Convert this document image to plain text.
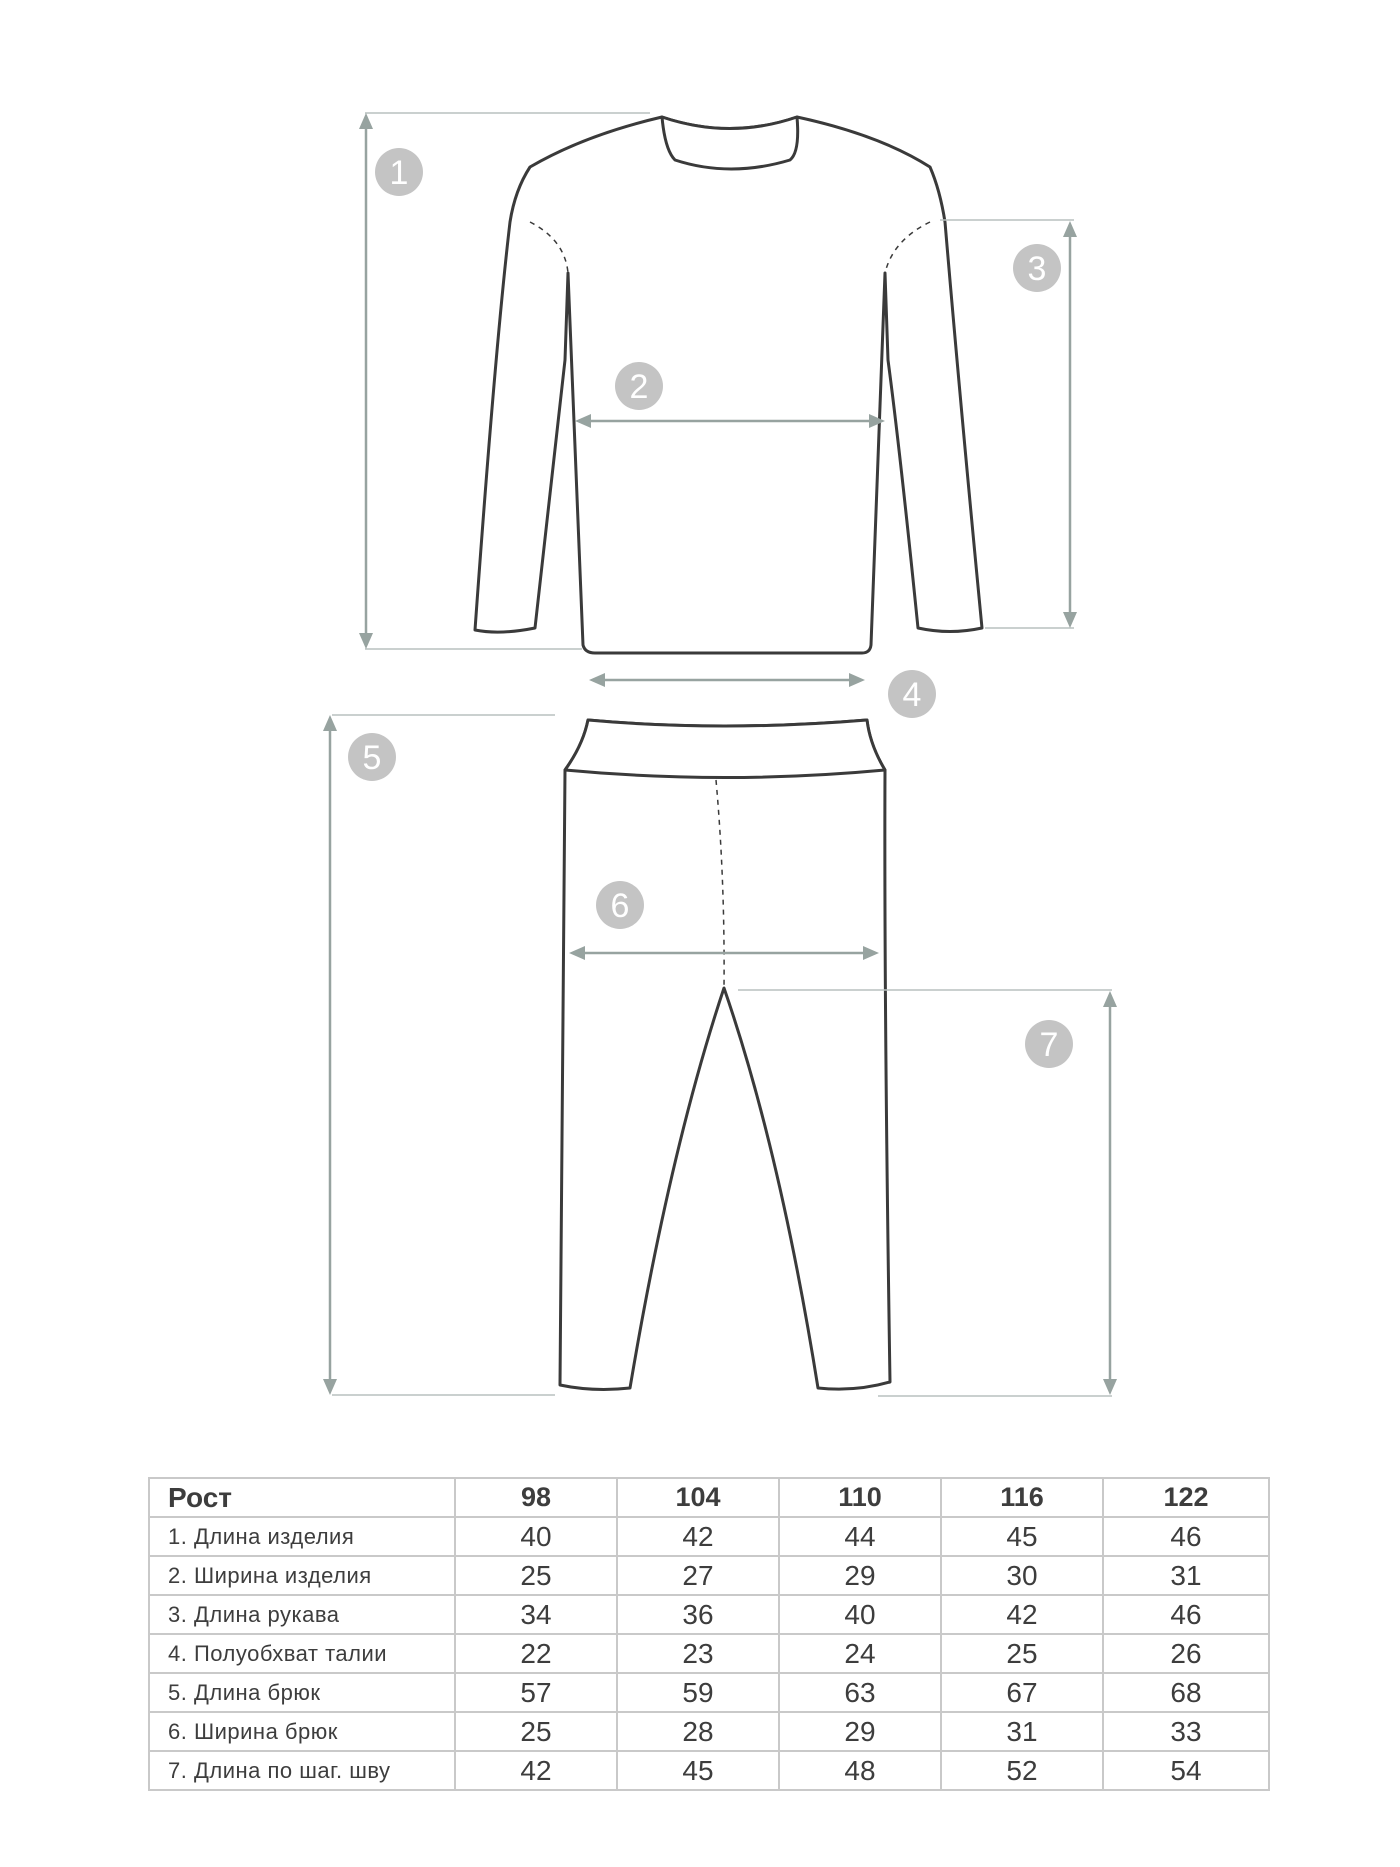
1
2
3
4
5
6
7
Рост	98	104	110	116	122
1. Длина изделия	40	42	44	45	46
2. Ширина изделия	25	27	29	30	31
3. Длина рукава	34	36	40	42	46
4. Полуобхват талии	22	23	24	25	26
5. Длина брюк	57	59	63	67	68
6. Ширина брюк	25	28	29	31	33
7. Длина по шаг. шву	42	45	48	52	54
